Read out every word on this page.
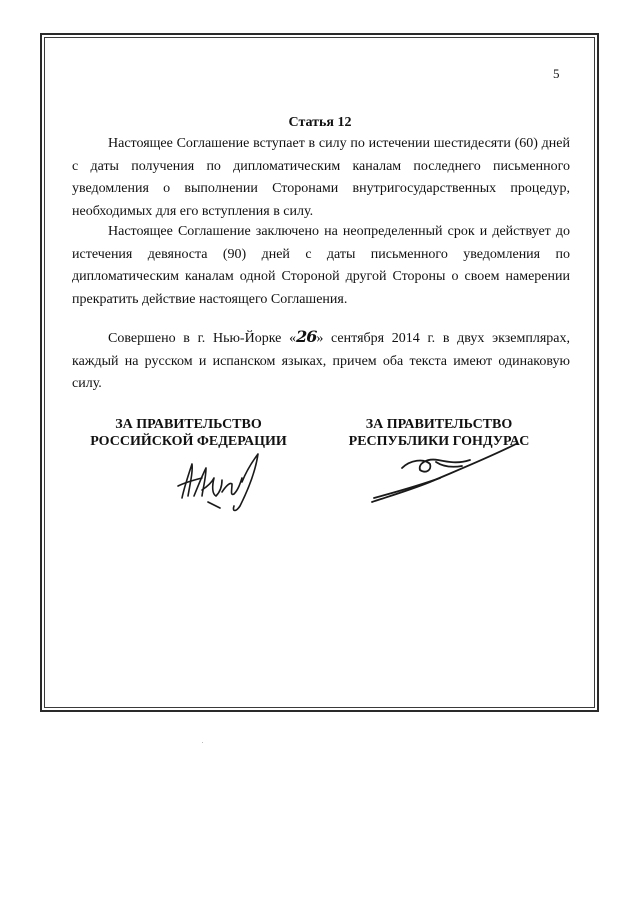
5
Статья 12

Настоящее Соглашение вступает в силу по истечении шестидесяти (60) дней с даты получения по дипломатическим каналам последнего письменного уведомления о выполнении Сторонами внутригосударственных процедур, необходимых для его вступления в силу.

Настоящее Соглашение заключено на неопределенный срок и действует до истечения девяноста (90) дней с даты письменного уведомления по дипломатическим каналам одной Стороной другой Стороны о своем намерении прекратить действие настоящего Соглашения.

Совершено в г. Нью-Йорке «26» сентября 2014 г. в двух экземплярах, каждый на русском и испанском языках, причем оба текста имеют одинаковую силу.

ЗА ПРАВИТЕЛЬСТВО
РОССИЙСКОЙ ФЕДЕРАЦИИ
ЗА ПРАВИТЕЛЬСТВО
РЕСПУБЛИКИ ГОНДУРАС
